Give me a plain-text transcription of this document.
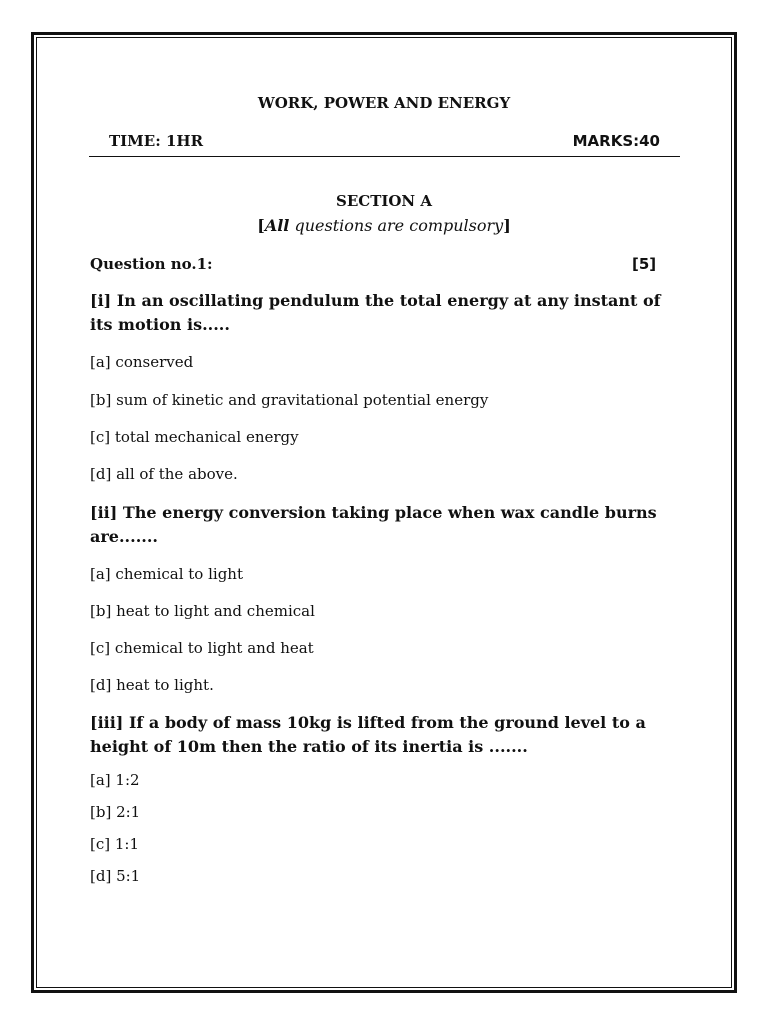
WORK, POWER AND ENERGY
TIME: 1HR	MARKS:40
SECTION A
[All questions are compulsory]
Question no.1:	[5]
[i] In an oscillating pendulum the total energy at any instant of its motion is.....
[a] conserved
[b] sum of kinetic and gravitational potential energy
[c] total mechanical energy
[d] all of the above.
[ii] The energy conversion taking place when wax candle burns are.......
[a] chemical to light
[b] heat to light and chemical
[c] chemical to light and heat
[d] heat to light.
[iii] If a body of mass 10kg is lifted from the ground level to a height of 10m then the ratio of its inertia is .......
[a] 1:2
[b] 2:1
[c] 1:1
[d] 5:1
